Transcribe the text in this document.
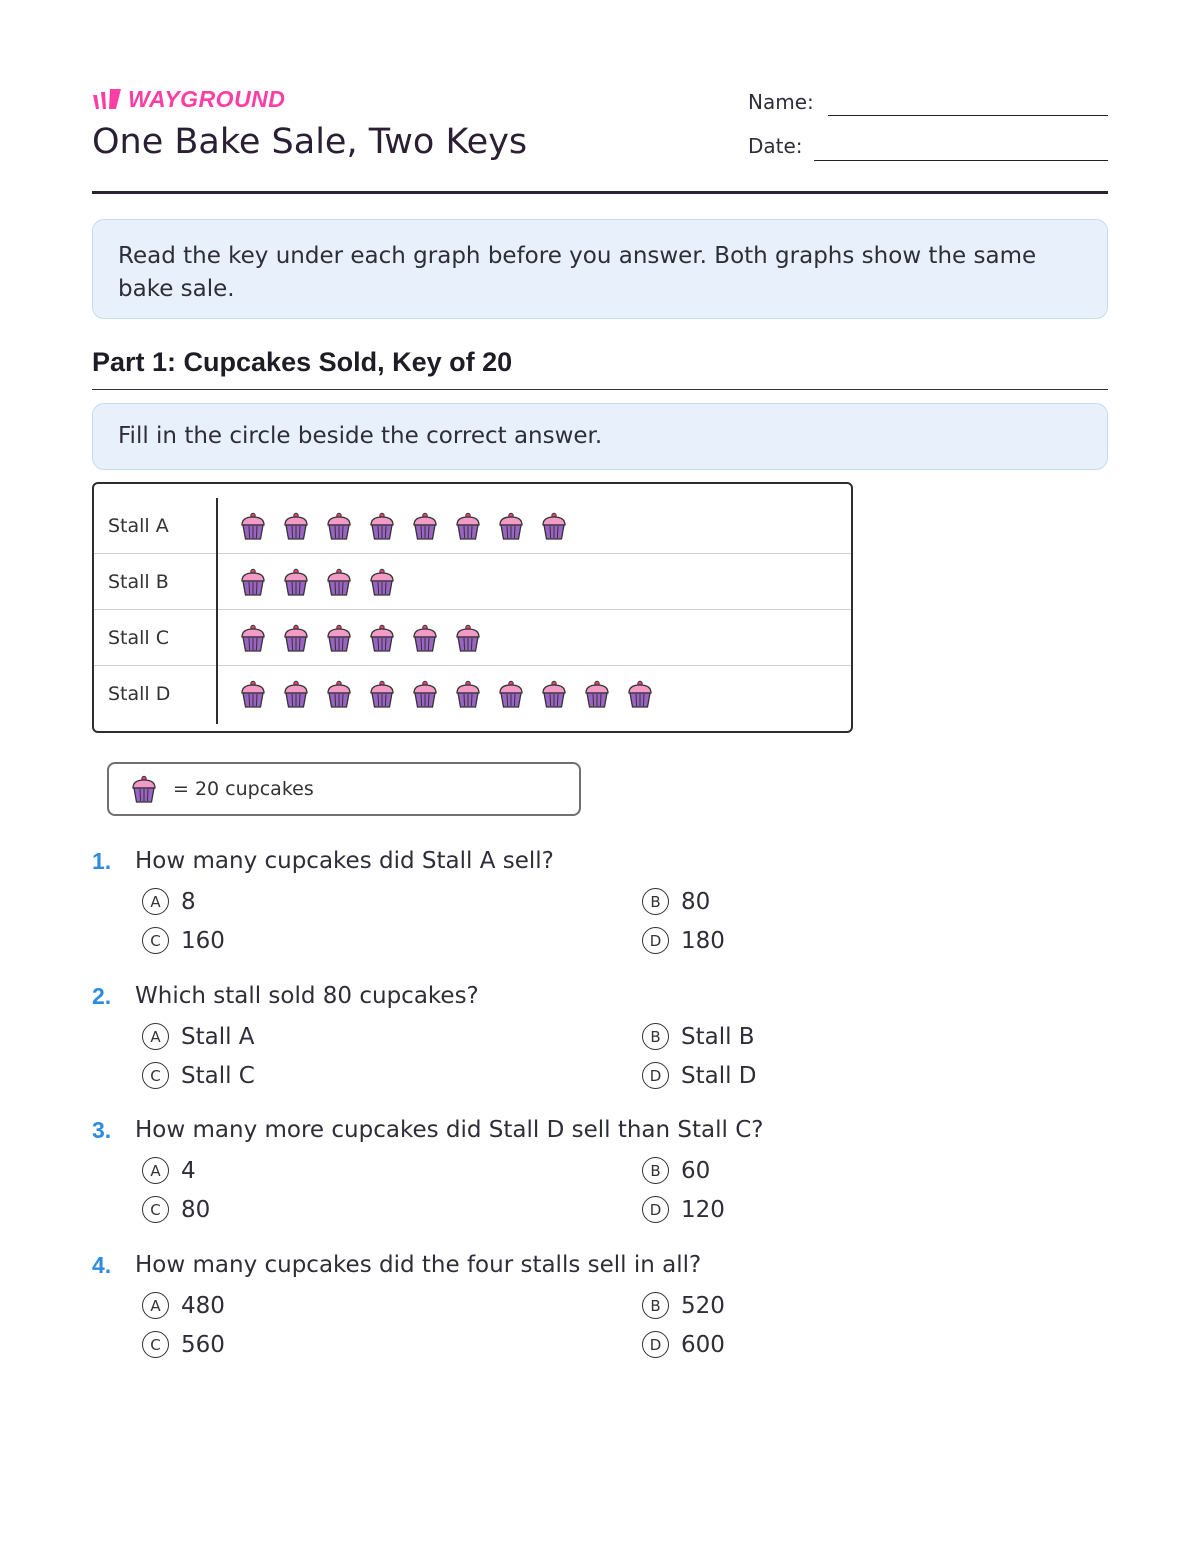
WAYGROUND
One Bake Sale, Two Keys
Name:
Date:
Read the key under each graph before you answer. Both graphs show the same bake sale.
Part 1: Cupcakes Sold, Key of 20
Fill in the circle beside the correct answer.
Stall A
Stall B
Stall C
Stall D
= 20 cupcakes
1. How many cupcakes did Stall A sell?
A 8	B 80
C 160	D 180
2. Which stall sold 80 cupcakes?
A Stall A	B Stall B
C Stall C	D Stall D
3. How many more cupcakes did Stall D sell than Stall C?
A 4	B 60
C 80	D 120
4. How many cupcakes did the four stalls sell in all?
A 480	B 520
C 560	D 600
